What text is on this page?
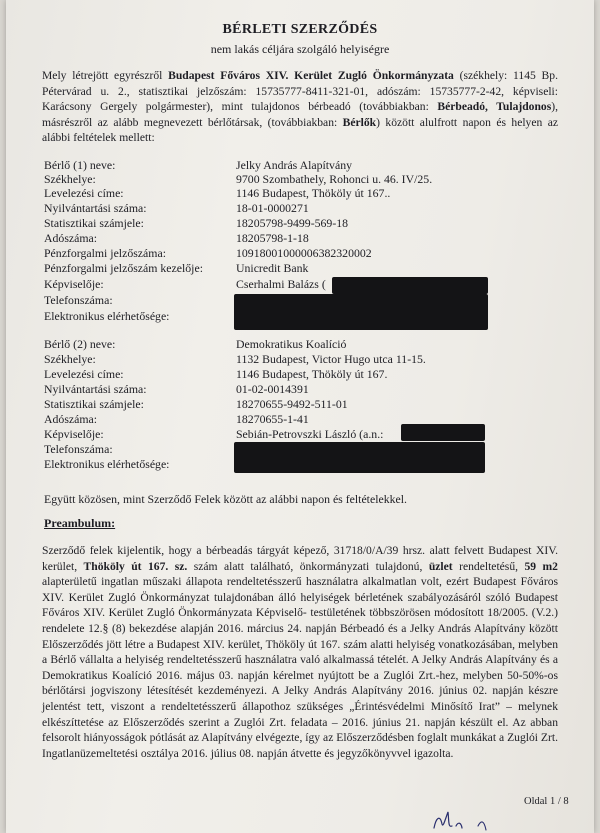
BÉRLETI SZERZŐDÉS
nem lakás céljára szolgáló helyiségre
Mely létrejött egyrészről Budapest Főváros XIV. Kerület Zugló Önkormányzata (székhely: 1145 Bp. Pétervárad u. 2., statisztikai jelzőszám: 15735777-8411-321-01, adószám: 15735777-2-42, képviseli: Karácsony Gergely polgármester), mint tulajdonos bérbeadó (továbbiakban: Bérbeadó, Tulajdonos), másrészről az alább megnevezett bérlőtársak, (továbbiakban: Bérlők) között alulfrott napon és helyen az alábbi feltételek mellett:
Bérlő (1) neve:	Jelky András Alapítvány
Székhelye:	9700 Szombathely, Rohonci u. 46. IV/25.
Levelezési címe:	1146 Budapest, Thököly út 167..
Nyilvántartási száma:	18-01-0000271
Statisztikai számjele:	18205798-9499-569-18
Adószáma:	18205798-1-18
Pénzforgalmi jelzőszáma:	10918001000006382320002
Pénzforgalmi jelzőszám kezelője:	Unicredit Bank
Képviselője:	Cserhalmi Balázs (
Telefonszáma:
Elektronikus elérhetősége:
Bérlő (2) neve:	Demokratikus Koalíció
Székhelye:	1132 Budapest, Victor Hugo utca 11-15.
Levelezési címe:	1146 Budapest, Thököly út 167.
Nyilvántartási száma:	01-02-0014391
Statisztikai számjele:	18270655-9492-511-01
Adószáma:	18270655-1-41
Képviselője:	Sebián-Petrovszki László (a.n.:
Telefonszáma:
Elektronikus elérhetősége:
Együtt közösen, mint Szerződő Felek között az alábbi napon és feltételekkel.
Preambulum:
Szerződő felek kijelentik, hogy a bérbeadás tárgyát képező, 31718/0/A/39 hrsz. alatt felvett Budapest XIV. kerület, Thököly út 167. sz. szám alatt található, önkormányzati tulajdonú, üzlet rendeltetésű, 59 m2 alapterületű ingatlan műszaki állapota rendeltetésszerű használatra alkalmatlan volt, ezért Budapest Főváros XIV. Kerület Zugló Önkormányzat tulajdonában álló helyiségek bérletének szabályozásáról szóló Budapest Főváros XIV. Kerület Zugló Önkormányzata Képviselő- testületének többszörösen módosított 18/2005. (V.2.) rendelete 12.§ (8) bekezdése alapján 2016. március 24. napján Bérbeadó és a Jelky András Alapítvány között Előszerződés jött létre a Budapest XIV. kerület, Thököly út 167. szám alatti helyiség vonatkozásában, melyben a Bérlő vállalta a helyiség rendeltetésszerű használatra való alkalmassá tételét. A Jelky András Alapítvány és a Demokratikus Koalíció 2016. május 03. napján kérelmet nyújtott be a Zuglói Zrt.-hez, melyben 50-50%-os bérlőtársi jogviszony létesítését kezdeményezi. A Jelky András Alapítvány 2016. június 02. napján készre jelentést tett, viszont a rendeltetésszerű állapothoz szükséges „Érintésvédelmi Minősítő Irat” – melynek elkészíttetése az Előszerződés szerint a Zuglói Zrt. feladata – 2016. június 21. napján készült el. Az abban felsorolt hiányosságok pótlását az Alapítvány elvégezte, így az Előszerződésben foglalt munkákat a Zuglói Zrt. Ingatlanüzemeltetési osztálya 2016. július 08. napján átvette és jegyzőkönyvvel igazolta.
Oldal 1 / 8
